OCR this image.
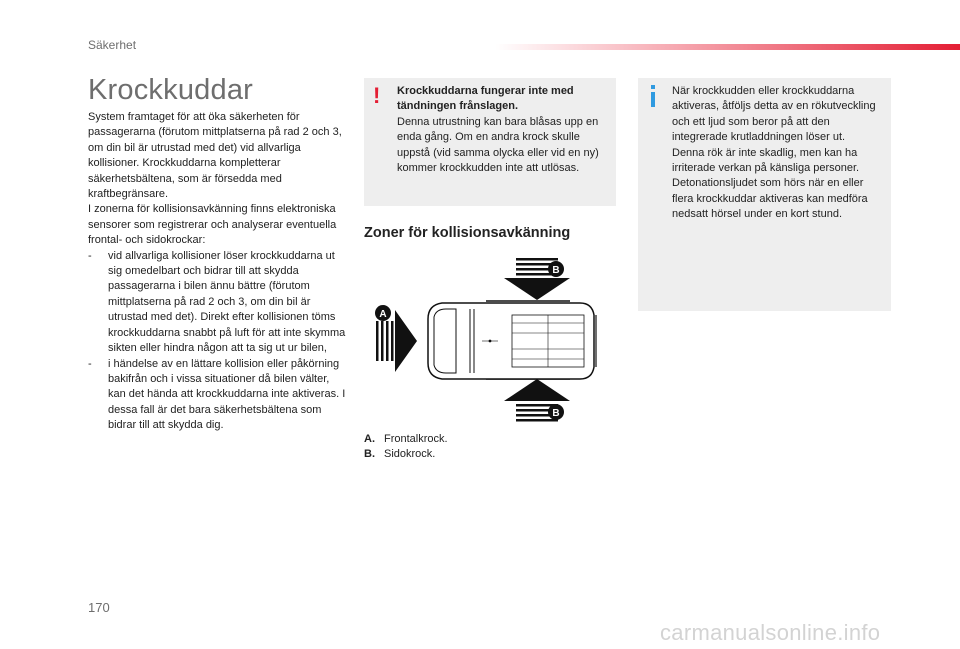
Säkerhet
Krockkuddar

System framtaget för att öka säkerheten för passagerarna (förutom mittplatserna på rad 2 och 3, om din bil är utrustad med det) vid allvarliga kollisioner. Krockkuddarna kompletterar säkerhetsbältena, som är försedda med kraftbegränsare.

I zonerna för kollisionsavkänning finns elektroniska sensorer som registrerar och analyserar eventuella frontal- och sidokrockar:

-	vid allvarliga kollisioner löser krockkuddarna ut sig omedelbart och bidrar till att skydda passagerarna i bilen ännu bättre (förutom mittplatserna på rad 2 och 3, om din bil är utrustad med det). Direkt efter kollisionen töms krockkuddarna snabbt på luft för att inte skymma sikten eller hindra någon att ta sig ut ur bilen,
-	i händelse av en lättare kollision eller påkörning bakifrån och i vissa situationer då bilen välter, kan det hända att krockkuddarna inte aktiveras. I dessa fall är det bara säkerhetsbältena som bidrar till att skydda dig.
! Krockkuddarna fungerar inte med tändningen frånslagen.
Denna utrustning kan bara blåsas upp en enda gång. Om en andra krock skulle uppstå (vid samma olycka eller vid en ny) kommer krockkudden inte att utlösas.
När krockkudden eller krockkuddarna aktiveras, åtföljs detta av en rökutveckling och ett ljud som beror på att den integrerade krutladdningen löser ut.
Denna rök är inte skadlig, men kan ha irriterade verkan på känsliga personer.
Detonationsljudet som hörs när en eller flera krockkuddar aktiveras kan medföra nedsatt hörsel under en kort stund.
Zoner för kollisionsavkänning
A
B
B
A. Frontalkrock.
B. Sidokrock.
170
carmanualsonline.info
